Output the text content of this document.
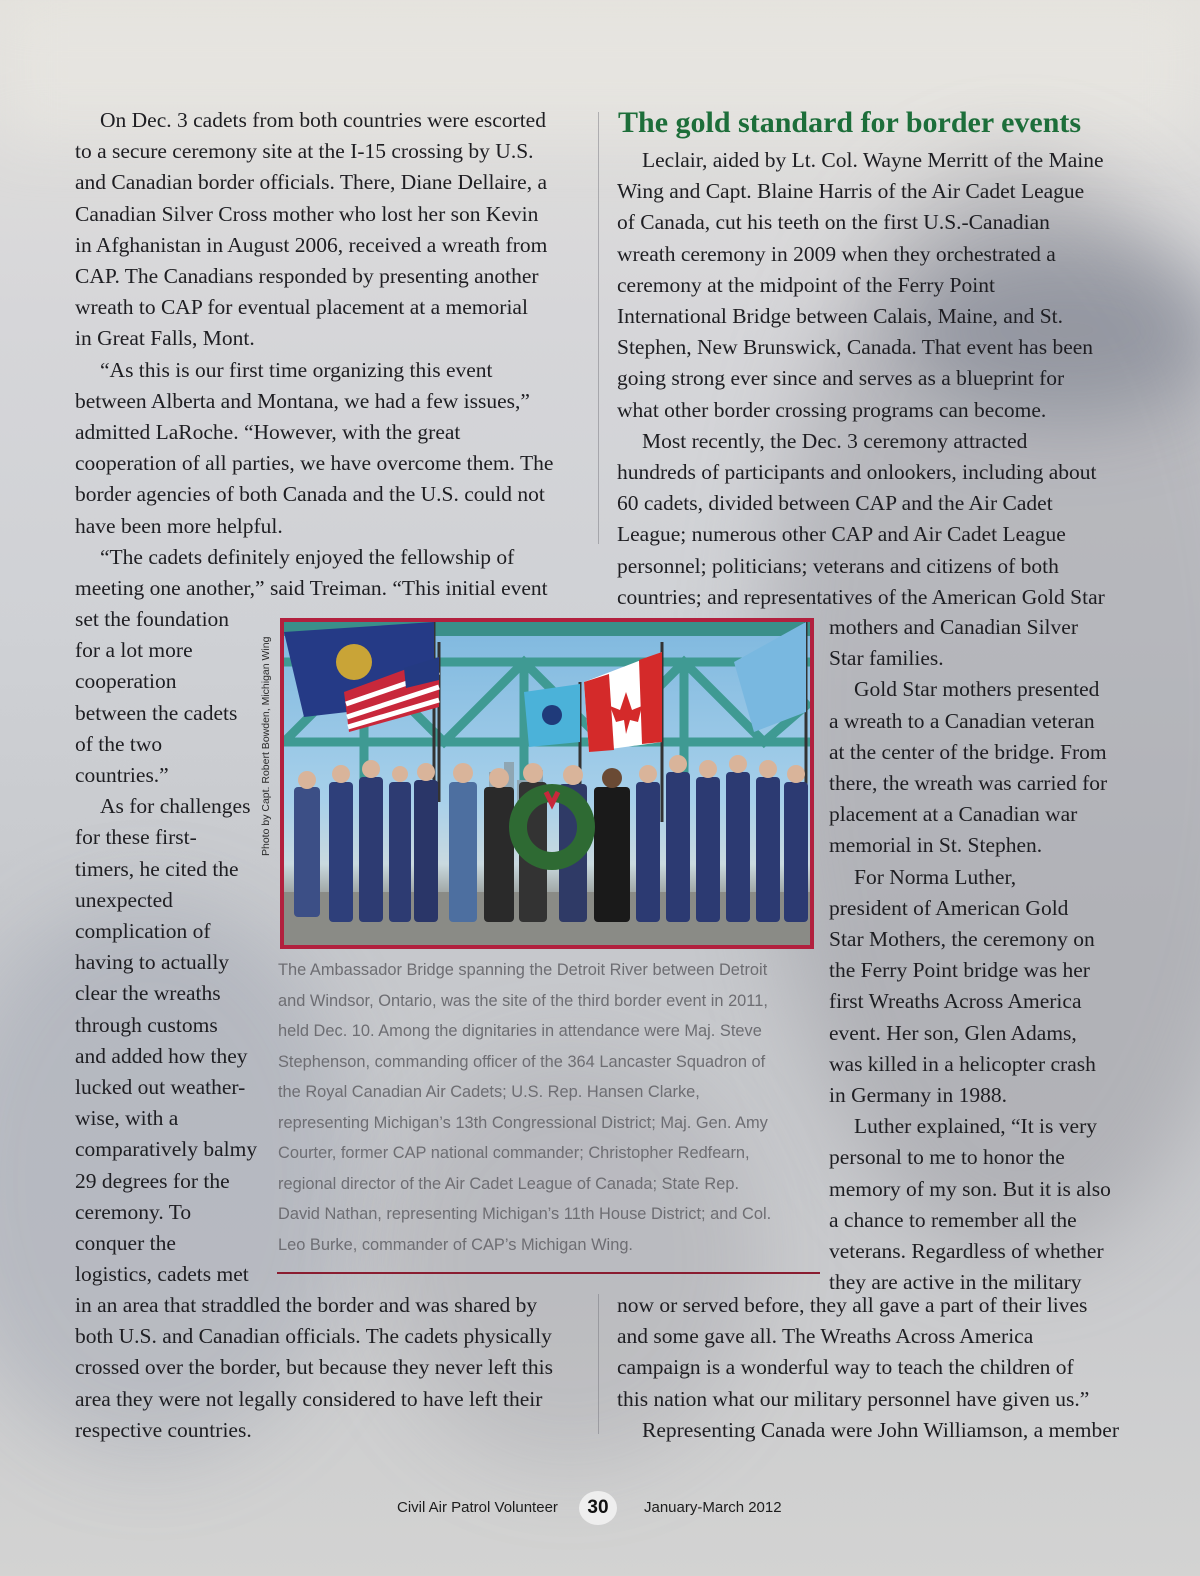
On Dec. 3 cadets from both countries were escorted

to a secure ceremony site at the I-15 crossing by U.S.

and Canadian border officials. There, Diane Dellaire, a

Canadian Silver Cross mother who lost her son Kevin

in Afghanistan in August 2006, received a wreath from

CAP. The Canadians responded by presenting another

wreath to CAP for eventual placement at a memorial

in Great Falls, Mont.

“As this is our first time organizing this event

between Alberta and Montana, we had a few issues,”

admitted LaRoche. “However, with the great

cooperation of all parties, we have overcome them. The

border agencies of both Canada and the U.S. could not

have been more helpful.

“The cadets definitely enjoyed the fellowship of

meeting one another,” said Treiman. “This initial event

set the foundation

for a lot more

cooperation

between the cadets

of the two

countries.”

As for challenges

for these first-

timers, he cited the

unexpected

complication of

having to actually

clear the wreaths

through customs

and added how they

lucked out weather-

wise, with a

comparatively balmy

29 degrees for the

ceremony. To

conquer the

logistics, cadets met

in an area that straddled the border and was shared by

both U.S. and Canadian officials. The cadets physically

crossed over the border, but because they never left this

area they were not legally considered to have left their

respective countries.

The gold standard for border events

Leclair, aided by Lt. Col. Wayne Merritt of the Maine

Wing and Capt. Blaine Harris of the Air Cadet League

of Canada, cut his teeth on the first U.S.-Canadian

wreath ceremony in 2009 when they orchestrated a

ceremony at the midpoint of the Ferry Point

International Bridge between Calais, Maine, and St.

Stephen, New Brunswick, Canada. That event has been

going strong ever since and serves as a blueprint for

what other border crossing programs can become.

Most recently, the Dec. 3 ceremony attracted

hundreds of participants and onlookers, including about

60 cadets, divided between CAP and the Air Cadet

League; numerous other CAP and Air Cadet League

personnel; politicians; veterans and citizens of both

countries; and representatives of the American Gold Star

mothers and Canadian Silver

Star families.

Gold Star mothers presented

a wreath to a Canadian veteran

at the center of the bridge. From

there, the wreath was carried for

placement at a Canadian war

memorial in St. Stephen.

For Norma Luther,

president of American Gold

Star Mothers, the ceremony on

the Ferry Point bridge was her

first Wreaths Across America

event. Her son, Glen Adams,

was killed in a helicopter crash

in Germany in 1988.

Luther explained, “It is very

personal to me to honor the

memory of my son. But it is also

a chance to remember all the

veterans. Regardless of whether

they are active in the military

now or served before, they all gave a part of their lives

and some gave all. The Wreaths Across America

campaign is a wonderful way to teach the children of

this nation what our military personnel have given us.”

Representing Canada were John Williamson, a member

Photo by Capt. Robert Bowden, Michigan Wing

The Ambassador Bridge spanning the Detroit River between Detroit
and Windsor, Ontario, was the site of the third border event in 2011,
held Dec. 10. Among the dignitaries in attendance were Maj. Steve
Stephenson, commanding officer of the 364 Lancaster Squadron of
the Royal Canadian Air Cadets; U.S. Rep. Hansen Clarke,
representing Michigan’s 13th Congressional District; Maj. Gen. Amy
Courter, former CAP national commander; Christopher Redfearn,
regional director of the Air Cadet League of Canada; State Rep.
David Nathan, representing Michigan’s 11th House District; and Col.
Leo Burke, commander of CAP’s Michigan Wing.

Civil Air Patrol Volunteer	30	January-March 2012
